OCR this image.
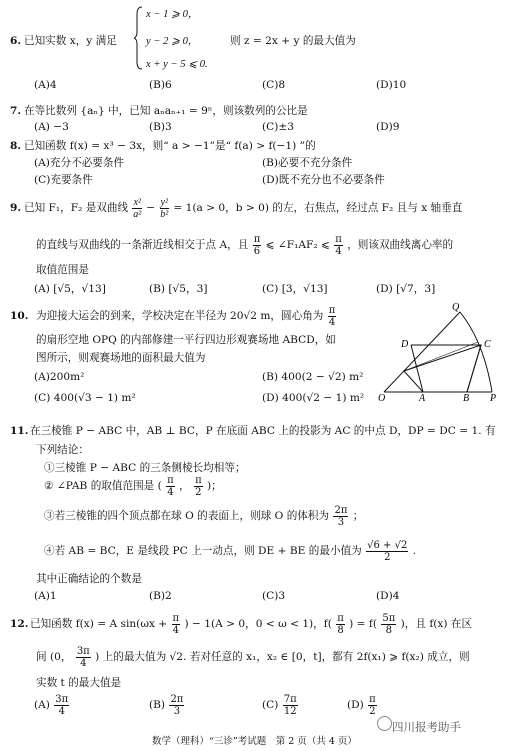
6. 已知实数 x，y 满足
x − 1 ⩾ 0，
y − 2 ⩾ 0，
x + y − 5 ⩽ 0.
则 z = 2x + y 的最大值为
(A)4	(B)6	(C)8	(D)10
7. 在等比数列 {aₙ} 中，已知 aₙaₙ₊₁ = 9ⁿ，则该数列的公比是
(A) −3	(B)3	(C)±3	(D)9
8. 已知函数 f(x) = x³ − 3x，则“ a > −1”是“ f(a) > f(−1) ”的
(A)充分不必要条件	(B)必要不充分条件
(C)充要条件	(D)既不充分也不必要条件
9. 已知 F₁，F₂ 是双曲线 $\frac{\text{x²}}{\text{a²}} - \frac{\text{y²}}{\text{b²}} = 1(a > 0$，b > 0) 的左，右焦点，经过点 F₂ 且与 x 轴垂直
的直线与双曲线的一条渐近线相交于点 A，且 $\frac{\pi}{6}$ ⩽ ∠F₁AF₂ ⩽ $\frac{\pi}{4}$ ，则该双曲线离心率的
取值范围是
(A) [√5，√13]	(B) [√5，3]	(C) [3，√13]	(D) [√7，3]
10. 为迎接大运会的到来，学校决定在半径为 20√2 m，圆心角为 $\frac{\pi}{4}$
的扇形空地 OPQ 的内部修建一平行四边形观赛场地 ABCD，如
图所示，则观赛场地的面积最大值为
(A)200m²	(B) 400(2 − √2) m²
(C) 400(√3 − 1) m²	(D) 400(√2 − 1) m²
Q
D	C
O	A	B P
11. 在三棱锥 P − ABC 中，AB ⊥ BC，P 在底面 ABC 上的投影为 AC 的中点 D，DP = DC = 1. 有
下列结论：
①三棱锥 P − ABC 的三条侧棱长均相等；
② ∠PAB 的取值范围是 ( $\frac{\pi}{4}$ ， $\frac{\pi}{2}$ )；
③若三棱锥的四个顶点都在球 O 的表面上，则球 O 的体积为 $\frac{2\pi}{3}$ ；
④若 AB = BC，E 是线段 PC 上一动点，则 DE + BE 的最小值为 $\frac{√6 + √2}{2}$ .
其中正确结论的个数是
(A)1	(B)2	(C)3	(D)4
12. 已知函数 f(x) = A $\sin(\omega x + \frac{\pi}{4}$ ) − 1(A > 0，0 < ω < 1)，$f( \frac{\pi}{8}$ ) = $f( \frac{5\pi}{8}$ )，且 f(x) 在区
间 (0， $\frac{3\pi}{4}$ ) 上的最大值为 √2. 若对任意的 x₁，x₂ ∈ [0，t]，都有 2f(x₁) ⩾ f(x₂) 成立，则
实数 t 的最大值是
$(A) \frac{3\pi}{4}$	$(B) \frac{2\pi}{3}$	$(C) \frac{7\pi}{12}$	$(D) \frac{\pi}{2}$
四川报考助手
数学（理科）“三诊”考试题　第 2 页（共 4 页）
